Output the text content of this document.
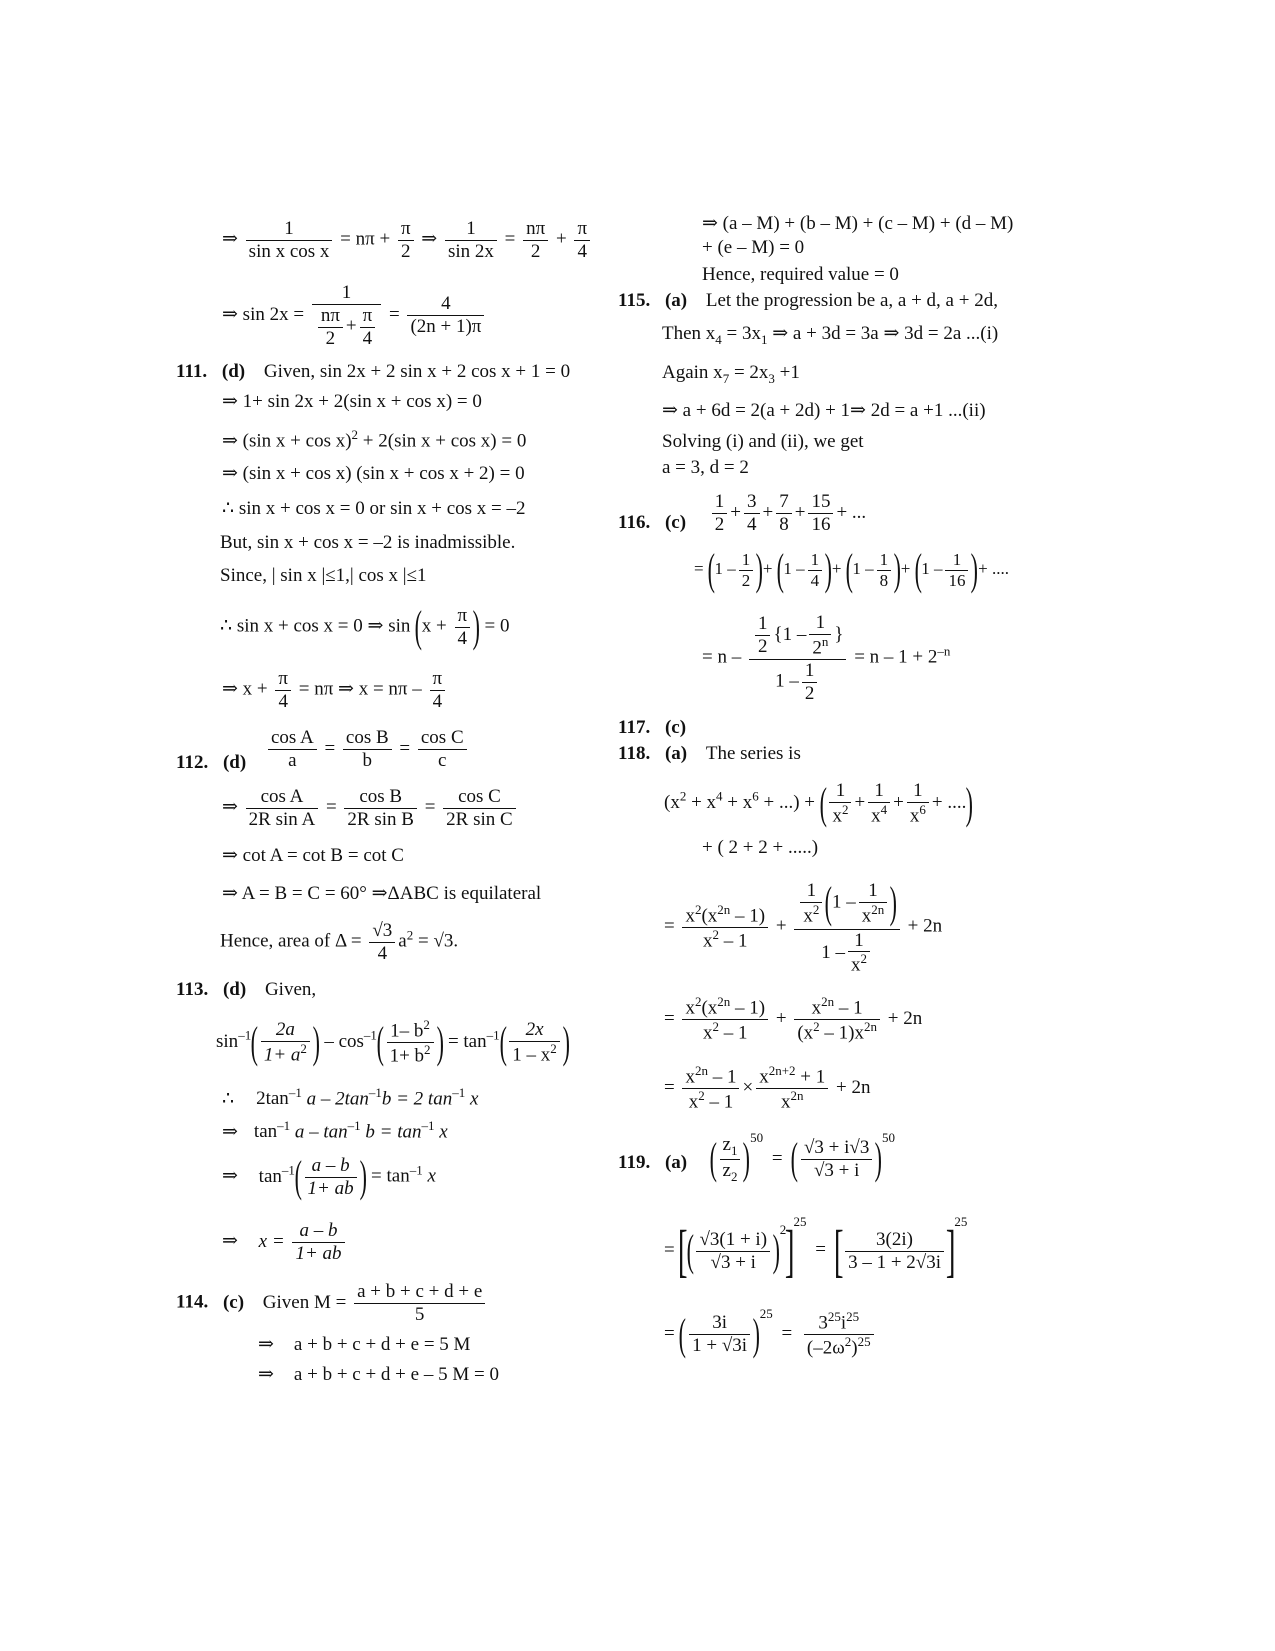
⇒ $\frac{1}{\text{sin x cos x}} = n\pi + \frac{\pi}{2}$ ⇒ $\frac{1}{\sin 2x} = \frac{n\pi}{2} + \frac{\pi}{4}$
⇒ $\sin 2x = \frac{1}{\frac{n\pi}{2} + \frac{\pi}{4}} = \frac{4}{(2n + 1)\pi}$
111. (d) Given, sin 2x + 2 sin x + 2 cos x + 1 = 0
⇒ 1+ sin 2x + 2(sin x + cos x) = 0
⇒ (sin x + cos x)$^2$ + 2(sin x + cos x) = 0
⇒ (sin x + cos x) (sin x + cos x + 2) = 0
∴ sin x + cos x = 0 or sin x + cos x = –2
But, sin x + cos x = –2 is inadmissible.
Since, | sin x |≤1,| cos x |≤1
∴ sin x + cos x = 0 ⇒ $\sin (x + \frac{\pi}{4}$ ) = 0
⇒ $x + \frac{\pi}{4} = n\pi$ ⇒ $x = n\pi - \frac{\pi}{4}$
112. $(d) \frac{\text{cos A}}{a} = \frac{\text{cos B}}{b} = \frac{\text{cos C}}{c}$
⇒ $\frac{\text{cos A}}{\text{2R sin A}} = \frac{\text{cos B}}{\text{2R sin B}} = \frac{\text{cos C}}{\text{2R sin C}}$
⇒ cot A = cot B = cot C
⇒ A = B = C = 60° ⇒ΔABC is equilateral
Hence, area of $\Delta = \frac{√3}{4} a^2 = √3$.
113. (d) Given,
$\sin^{-1}( \frac{2a}{1+ a^2}$ ) – $\cos^{-1}( \frac{1- b^2}{1+ b^2}$ ) = $\tan^{-1}( \frac{2x}{1 - x^2}$ )
∴ $2\tan^{-1}$ $a - 2\tan^{-1}b = 2$ $\tan^{-1} x$
⇒ $\tan^{-1} a - \tan^{-1} b = \tan^{-1} x$
⇒ $\tan^{-1}( \frac{a - b}{1+ ab}$ ) = $\tan^{-1} x$
⇒ $x = \frac{a - b}{1+ ab}$
114. (c) Given $M = \frac{a + b + c + d + e}{5}$
⇒ a + b + c + d + e = 5 M
⇒ a + b + c + d + e – 5 M = 0
⇒ (a – M) + (b – M) + (c – M) + (d – M)
+ (e – M) = 0
Hence, required value = 0
115. (a) Let the progression be a, a + d, a + 2d,
Then $x_4 = 3x_1$ ⇒ a + 3d = 3a ⇒ 3d = 2a ...(i)
Again $x_7 = 2x_3 +1$
⇒ a + 6d = 2(a + 2d) + 1⇒ 2d = a +1 ...(ii)
Solving (i) and (ii), we get
a = 3, d = 2
116. $(c) \frac{1}{2} + \frac{3}{4} + \frac{7}{8} + \frac{15}{16}$ + ...
= ($1 - \frac{1}{2}$ )+ ($1 - \frac{1}{4}$ )+ ($1 - \frac{1}{8}$ )+ ($1 - \frac{1}{16}$ )+ ....
= $n - \frac{\frac{1}{2} \{1 - \frac{1}{2^n} \}}{1 - \frac{1}{2}} = n - 1 + 2^{-n}$
117. (c)
118. (a) The series is
($x^2 + x^4 + x^6$ + ...) + ( $\frac{1}{x^2} + \frac{1}{x^4} + \frac{1}{x^6}$ + ....)
+ ( 2 + 2 + .....)
= $\frac{x^2(x^{2n} - 1)}{x^2 - 1} + \frac{\frac{1}{x^2} (1 - \frac{1}{x^{2n}} )}{1 - \frac{1}{x^2}} + 2n$
= $\frac{x^2(x^{2n} - 1)}{x^2 - 1} + \frac{x^{2n} - 1}{(x^2 - 1)x^{2n}} + 2n$
= $\frac{x^{2n} - 1}{x^2 - 1} \times \frac{x^{2n+2} + 1}{x^{2n}} + 2n$
119. (a) ( $\frac{z_1}{z_2} )^{50}$ = ( $\frac{√3 + i√3}{√3 + i} )^{50}$
= [( $\frac{√3(1 + i)}{√3 + i} )^2]^{25}$ = [ $\frac{3(2i)}{3 - 1 + 2√3i} ]^{25}$
= ( $\frac{3i}{1 + √3i} )^{25} = \frac{3^{25}i^{25}}{(-2\omega^2)^{25}}$
